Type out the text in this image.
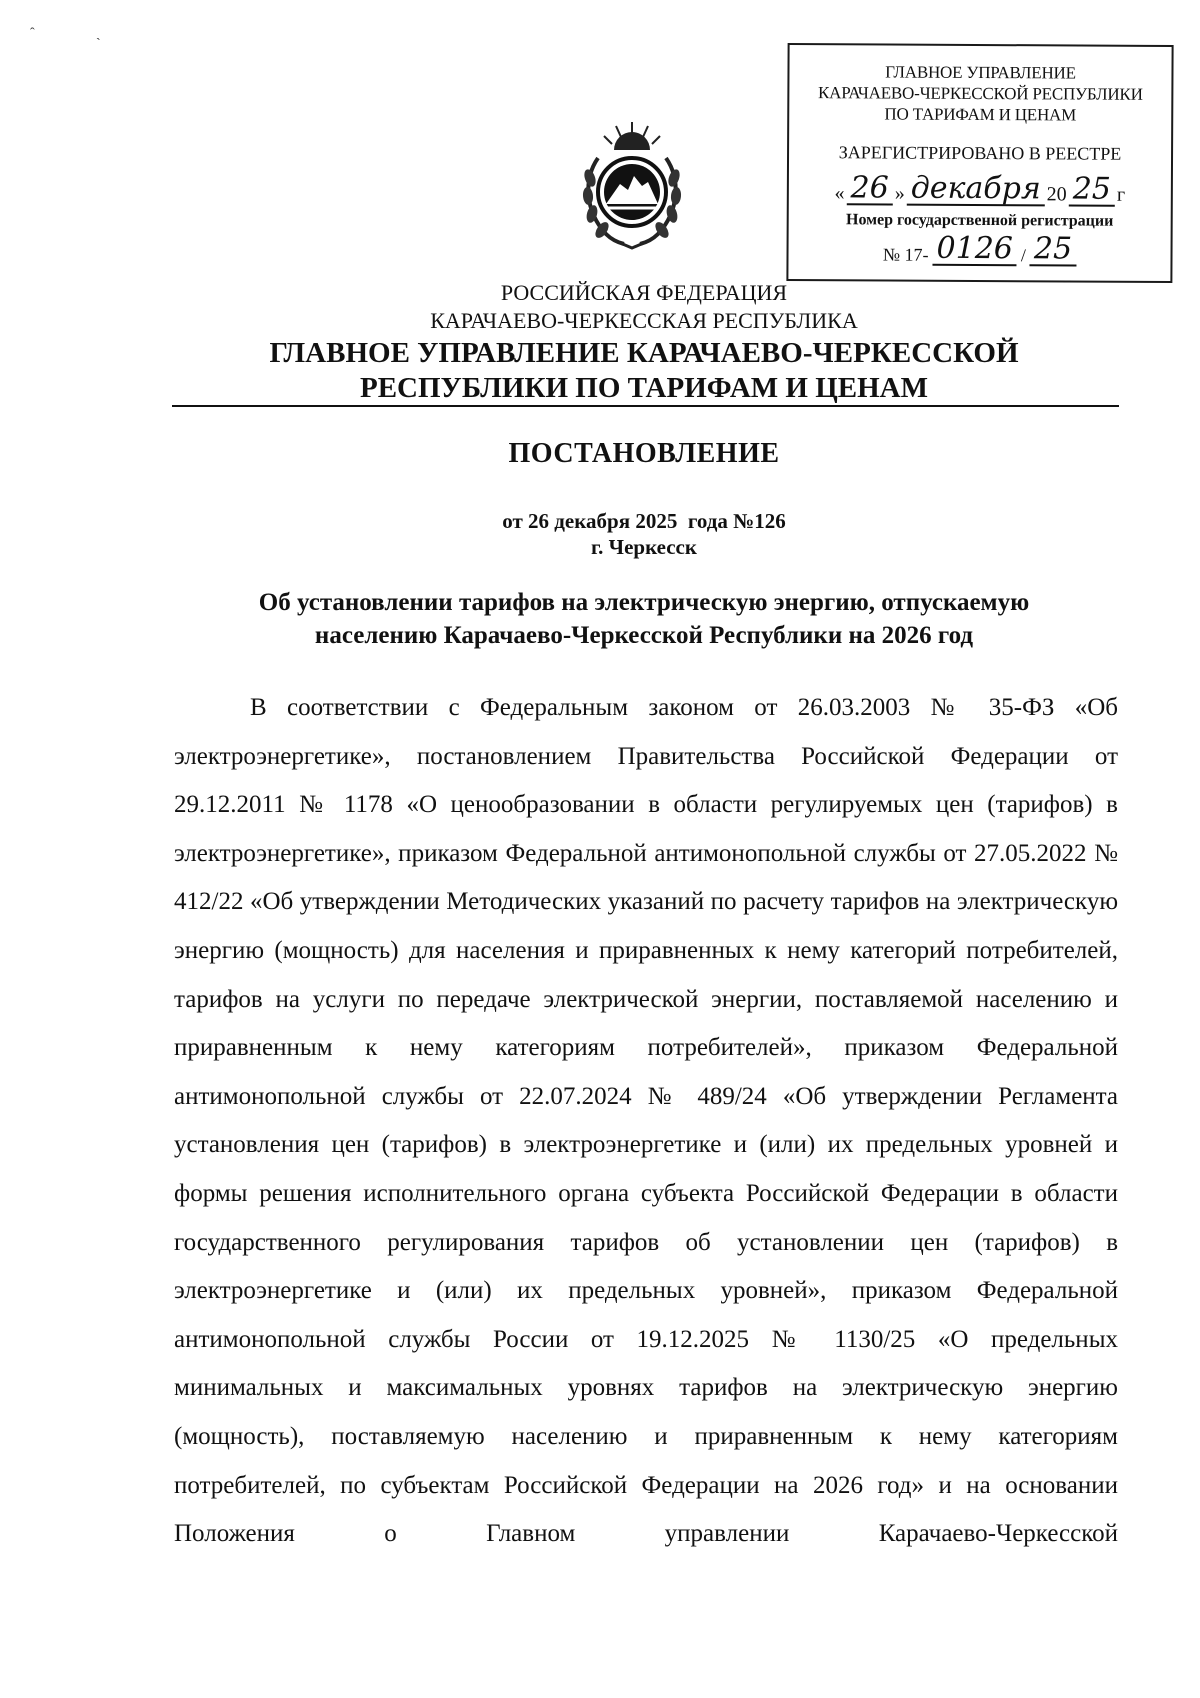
ˆ	ˏ
ГЛАВНОЕ УПРАВЛЕНИЕ
КАРАЧАЕВО-ЧЕРКЕССКОЙ РЕСПУБЛИКИ
ПО ТАРИФАМ И ЦЕНАМ
ЗАРЕГИСТРИРОВАНО В РЕЕСТРЕ
« 26 » декабря 20 25 г
Номер государственной регистрации
№ 17- 0126 / 25
РОССИЙСКАЯ ФЕДЕРАЦИЯ
КАРАЧАЕВО-ЧЕРКЕССКАЯ РЕСПУБЛИКА
ГЛАВНОЕ УПРАВЛЕНИЕ КАРАЧАЕВО-ЧЕРКЕССКОЙ
РЕСПУБЛИКИ ПО ТАРИФАМ И ЦЕНАМ
ПОСТАНОВЛЕНИЕ
от 26 декабря 2025  года №126
г. Черкесск
Об установлении тарифов на электрическую энергию, отпускаемую
населению Карачаево-Черкесской Республики на 2026 год
В соответствии с Федеральным законом от 26.03.2003 № 35-ФЗ «Об электроэнергетике», постановлением Правительства Российской Федерации от 29.12.2011 № 1178 «О ценообразовании в области регулируемых цен (тарифов) в электроэнергетике», приказом Федеральной антимонопольной службы от 27.05.2022 № 412/22 «Об утверждении Методических указаний по расчету тарифов на электрическую энергию (мощность) для населения и приравненных к нему категорий потребителей, тарифов на услуги по передаче электрической энергии, поставляемой населению и приравненным к нему категориям потребителей», приказом Федеральной антимонопольной службы от 22.07.2024 № 489/24 «Об утверждении Регламента установления цен (тарифов) в электроэнергетике и (или) их предельных уровней и формы решения исполнительного органа субъекта Российской Федерации в области государственного регулирования тарифов об установлении цен (тарифов) в электроэнергетике и (или) их предельных уровней», приказом Федеральной антимонопольной службы России от 19.12.2025 № 1130/25 «О предельных минимальных и максимальных уровнях тарифов на электрическую энергию (мощность), поставляемую населению и приравненным к нему категориям потребителей, по субъектам Российской Федерации на 2026 год» и на основании Положения о Главном управлении Карачаево-Черкесской
